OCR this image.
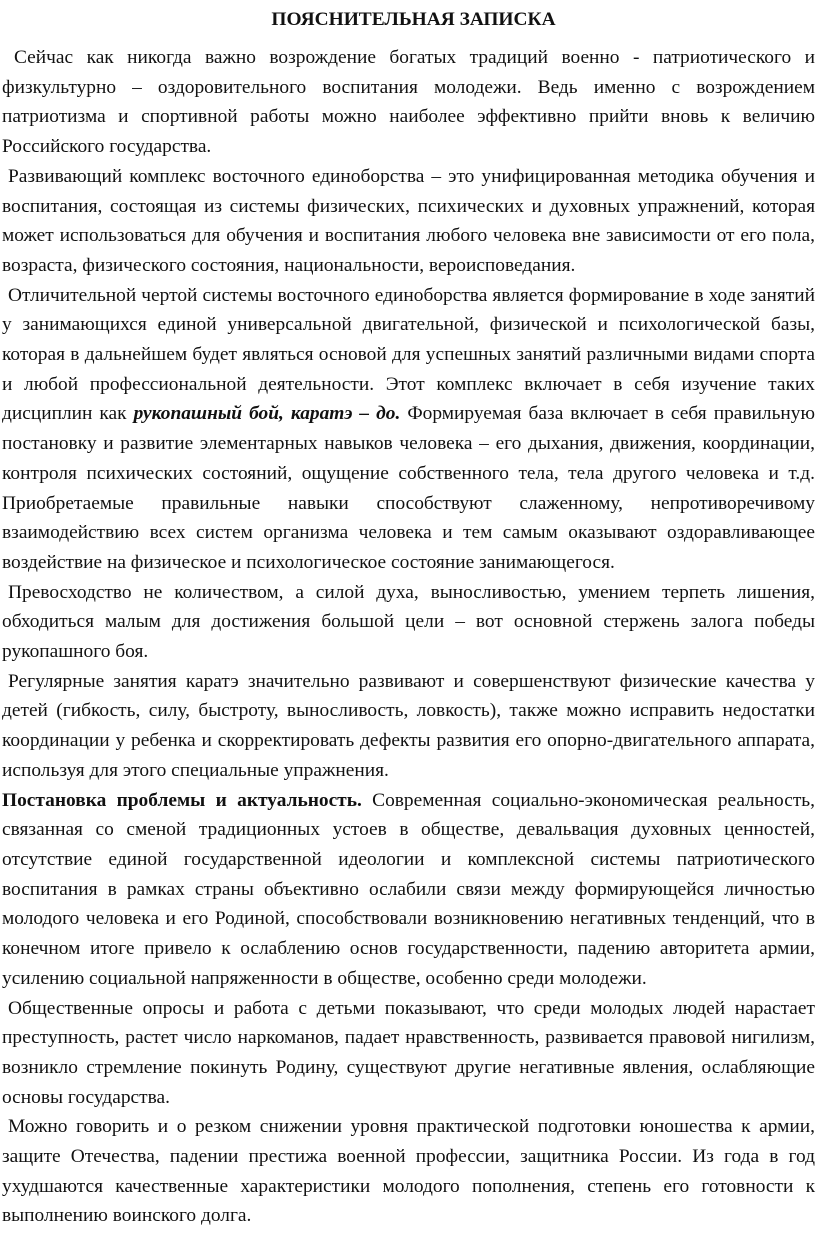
ПОЯСНИТЕЛЬНАЯ ЗАПИСКА

Сейчас как никогда важно возрождение богатых традиций военно - патриотического и физкультурно – оздоровительного воспитания молодежи. Ведь именно с возрождением патриотизма и спортивной работы можно наиболее эффективно прийти вновь к величию Российского государства.

Развивающий комплекс восточного единоборства – это унифицированная методика обучения и воспитания, состоящая из системы физических, психических и духовных упражнений, которая может использоваться для обучения и воспитания любого человека вне зависимости от его пола, возраста, физического состояния, национальности, вероисповедания.

Отличительной чертой системы восточного единоборства является формирование в ходе занятий у занимающихся единой универсальной двигательной, физической и психологической базы, которая в дальнейшем будет являться основой для успешных занятий различными видами спорта и любой профессиональной деятельности. Этот комплекс включает в себя изучение таких дисциплин как рукопашный бой, каратэ – до. Формируемая база включает в себя правильную постановку и развитие элементарных навыков человека – его дыхания, движения, координации, контроля психических состояний, ощущение собственного тела, тела другого человека и т.д. Приобретаемые правильные навыки способствуют слаженному, непротиворечивому взаимодействию всех систем организма человека и тем самым оказывают оздоравливающее воздействие на физическое и психологическое состояние занимающегося.

Превосходство не количеством, а силой духа, выносливостью, умением терпеть лишения, обходиться малым для достижения большой цели – вот основной стержень залога победы рукопашного боя.

Регулярные занятия каратэ значительно развивают и совершенствуют физические качества у детей (гибкость, силу, быстроту, выносливость, ловкость), также можно исправить недостатки координации у ребенка и скорректировать дефекты развития его опорно-двигательного аппарата, используя для этого специальные упражнения.

Постановка проблемы и актуальность. Современная социально-экономическая реальность, связанная со сменой традиционных устоев в обществе, девальвация духовных ценностей, отсутствие единой государственной идеологии и комплексной системы патриотического воспитания в рамках страны объективно ослабили связи между формирующейся личностью молодого человека и его Родиной, способствовали возникновению негативных тенденций, что в конечном итоге привело к ослаблению основ государственности, падению авторитета армии, усилению социальной напряженности в обществе, особенно среди молодежи.

Общественные опросы и работа с детьми показывают, что среди молодых людей нарастает преступность, растет число наркоманов, падает нравственность, развивается правовой нигилизм, возникло стремление покинуть Родину, существуют другие негативные явления, ослабляющие основы государства.

Можно говорить и о резком снижении уровня практической подготовки юношества к армии, защите Отечества, падении престижа военной профессии, защитника России. Из года в год ухудшаются качественные характеристики молодого пополнения, степень его готовности к выполнению воинского долга.
